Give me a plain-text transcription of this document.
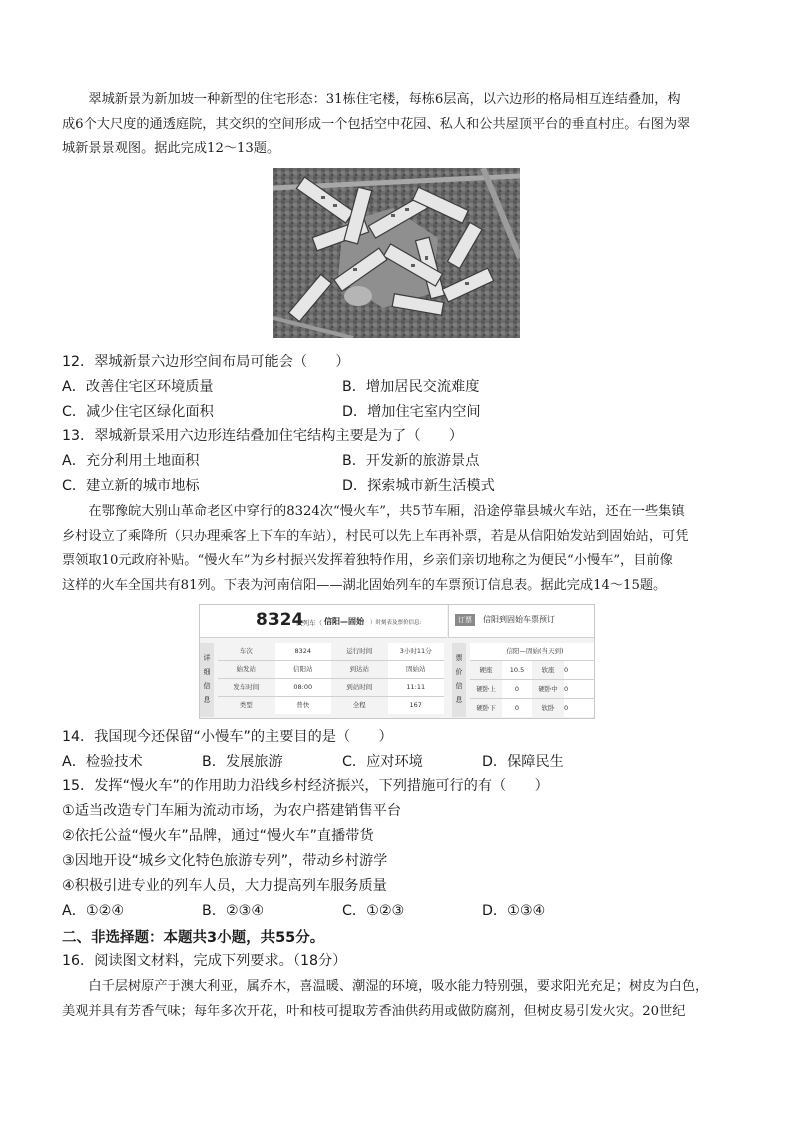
翠城新景为新加坡一种新型的住宅形态：31栋住宅楼，每栋6层高，以六边形的格局相互连结叠加，构

成6个大尺度的通透庭院，其交织的空间形成一个包括空中花园、私人和公共屋顶平台的垂直村庄。右图为翠
城新景景观图。据此完成12～13题。
12．翠城新景六边形空间布局可能会（　　）
A．改善住宅区环境质量	B．增加居民交流难度
C．减少住宅区绿化面积	D．增加住宅室内空间
13．翠城新景采用六边形连结叠加住宅结构主要是为了（　　）
A．充分利用土地面积	B．开发新的旅游景点
C．建立新的城市地标	D．探索城市新生活模式

在鄂豫皖大别山革命老区中穿行的8324次“慢火车”，共5节车厢，沿途停靠县城火车站，还在一些集镇

乡村设立了乘降所（只办理乘客上下车的车站），村民可以先上车再补票，若是从信阳始发站到固始站，可凭
票领取10元政府补贴。“慢火车”为乡村振兴发挥着独特作用，乡亲们亲切地称之为便民“小慢车”，目前像
这样的火车全国共有81列。下表为河南信阳——湖北固始列车的车票预订信息表。据此完成14～15题。
8324
次列车（ 信阳—固始 ）时刻表及票价信息：	订票	信阳到固始车票预订
详
细
信
息
车次	8324	运行时间	3小时11分
始发站	信阳站	到达站	固始站
发车时间	08:00	到站时间	11:11
类型	普快	全程	167
票
价
信
息
信阳—固始(当天到)
硬座	10.5	软座	0
硬卧上	0	硬卧中 0
硬卧下	0	软卧	0
14．我国现今还保留“小慢车”的主要目的是（　　）
A．检验技术	B．发展旅游	C．应对环境	D．保障民生
15．发挥“慢火车”的作用助力沿线乡村经济振兴，下列措施可行的有（　　）
①适当改造专门车厢为流动市场，为农户搭建销售平台
②依托公益“慢火车”品牌，通过“慢火车”直播带货
③因地开设“城乡文化特色旅游专列”，带动乡村游学
④积极引进专业的列车人员，大力提高列车服务质量
A．①②④	B．②③④	C．①②③	D．①③④
二、非选择题：本题共3小题，共55分。
16．阅读图文材料，完成下列要求。（18分）

白千层树原产于澳大利亚，属乔木，喜温暖、潮湿的环境，吸水能力特别强，要求阳光充足；树皮为白色，

美观并具有芳香气味；每年多次开花，叶和枝可提取芳香油供药用或做防腐剂，但树皮易引发火灾。20世纪
